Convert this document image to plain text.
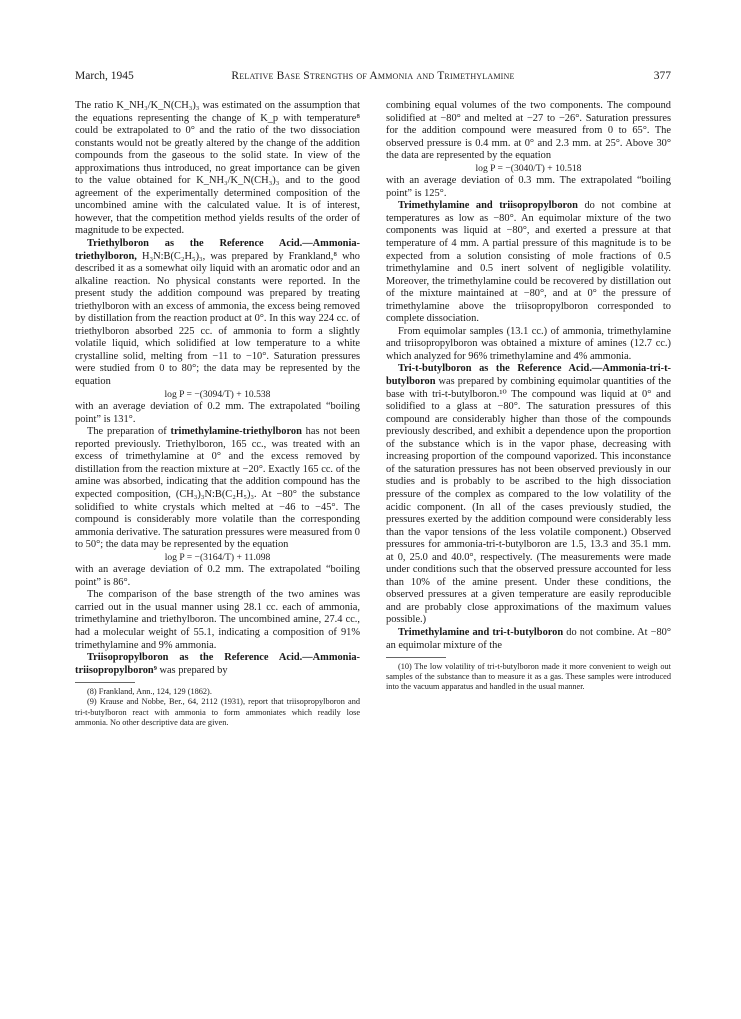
March, 1945	Relative Base Strengths of Ammonia and Trimethylamine	377

The ratio K_NH₃/K_N(CH₃)₃ was estimated on the assumption that the equations representing the change of K_p with temperature⁸ could be extrapolated to 0° and the ratio of the two dissociation constants would not be greatly altered by the change of the addition compounds from the gaseous to the solid state. In view of the approximations thus introduced, no great importance can be given to the value obtained for K_NH₃/K_N(CH₃)₃ and to the good agreement of the experimentally determined composition of the uncombined amine with the calculated value. It is of interest, however, that the competition method yields results of the order of magnitude to be expected.

Triethylboron as the Reference Acid.—Ammonia-triethylboron, H₃N:B(C₂H₅)₃, was prepared by Frankland,⁸ who described it as a somewhat oily liquid with an aromatic odor and an alkaline reaction. No physical constants were reported. In the present study the addition compound was prepared by treating triethylboron with an excess of ammonia, the excess being removed by distillation from the reaction product at 0°. In this way 224 cc. of triethylboron absorbed 225 cc. of ammonia to form a slightly volatile liquid, which solidified at low temperature to a white crystalline solid, melting from −11 to −10°. Saturation pressures were studied from 0 to 80°; the data may be represented by the equation

log P = −(3094/T) + 10.538

with an average deviation of 0.2 mm. The extrapolated “boiling point” is 131°.

The preparation of trimethylamine-triethylboron has not been reported previously. Triethylboron, 165 cc., was treated with an excess of trimethylamine at 0° and the excess removed by distillation from the reaction mixture at −20°. Exactly 165 cc. of the amine was absorbed, indicating that the addition compound has the expected composition, (CH₃)₃N:B(C₂H₅)₃. At −80° the substance solidified to white crystals which melted at −46 to −45°. The compound is considerably more volatile than the corresponding ammonia derivative. The saturation pressures were measured from 0 to 50°; the data may be represented by the equation

log P = −(3164/T) + 11.098

with an average deviation of 0.2 mm. The extrapolated “boiling point” is 86°.

The comparison of the base strength of the two amines was carried out in the usual manner using 28.1 cc. each of ammonia, trimethylamine and triethylboron. The uncombined amine, 27.4 cc., had a molecular weight of 55.1, indicating a composition of 91% trimethylamine and 9% ammonia.

Triisopropylboron as the Reference Acid.—Ammonia-triisopropylboron⁹ was prepared by

(8) Frankland, Ann., 124, 129 (1862).

(9) Krause and Nobbe, Ber., 64, 2112 (1931), report that triisopropylboron and tri-t-butylboron react with ammonia to form ammoniates which readily lose ammonia. No other descriptive data are given.

combining equal volumes of the two components. The compound solidified at −80° and melted at −27 to −26°. Saturation pressures for the addition compound were measured from 0 to 65°. The observed pressure is 0.4 mm. at 0° and 2.3 mm. at 25°. Above 30° the data are represented by the equation

log P = −(3040/T) + 10.518

with an average deviation of 0.3 mm. The extrapolated “boiling point” is 125°.

Trimethylamine and triisopropylboron do not combine at temperatures as low as −80°. An equimolar mixture of the two components was liquid at −80°, and exerted a pressure at that temperature of 4 mm. A partial pressure of this magnitude is to be expected from a solution consisting of mole fractions of 0.5 trimethylamine and 0.5 inert solvent of negligible volatility. Moreover, the trimethylamine could be recovered by distillation out of the mixture maintained at −80°, and at 0° the pressure of trimethylamine above the triisopropylboron corresponded to complete dissociation.

From equimolar samples (13.1 cc.) of ammonia, trimethylamine and triisopropylboron was obtained a mixture of amines (12.7 cc.) which analyzed for 96% trimethylamine and 4% ammonia.

Tri-t-butylboron as the Reference Acid.—Ammonia-tri-t-butylboron was prepared by combining equimolar quantities of the base with tri-t-butylboron.¹⁰ The compound was liquid at 0° and solidified to a glass at −80°. The saturation pressures of this compound are considerably higher than those of the compounds previously described, and exhibit a dependence upon the proportion of the substance which is in the vapor phase, decreasing with increasing proportion of the compound vaporized. This inconstance of the saturation pressures has not been observed previously in our studies and is probably to be ascribed to the high dissociation pressure of the complex as compared to the low volatility of the acidic component. (In all of the cases previously studied, the pressures exerted by the addition compound were considerably less than the vapor tensions of the less volatile component.) Observed pressures for ammonia-tri-t-butylboron are 1.5, 13.3 and 35.1 mm. at 0, 25.0 and 40.0°, respectively. (The measurements were made under conditions such that the observed pressure accounted for less than 10% of the amine present. Under these conditions, the observed pressures at a given temperature are easily reproducible and are probably close approximations of the maximum values possible.)

Trimethylamine and tri-t-butylboron do not combine. At −80° an equimolar mixture of the

(10) The low volatility of tri-t-butylboron made it more convenient to weigh out samples of the substance than to measure it as a gas. These samples were introduced into the vacuum apparatus and handled in the usual manner.
